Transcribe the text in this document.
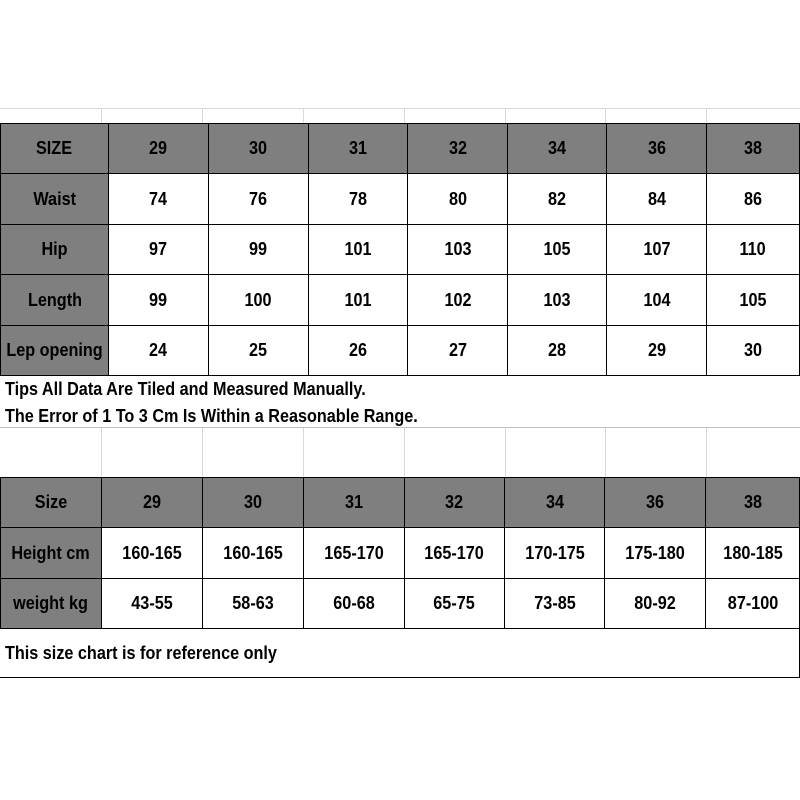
SIZE	29	30	31	32	34	36	38
Waist	74	76	78	80	82	84	86
Hip	97	99	101	103	105	107	110
Length	99	100	101	102	103	104	105
Lep opening	24	25	26	27	28	29	30
Tips All Data Are Tiled and Measured Manually.
The Error of 1 To 3 Cm Is Within a Reasonable Range.
Size	29	30	31	32	34	36	38
Height cm	160-165	160-165	165-170	165-170	170-175	175-180	180-185
weight kg	43-55	58-63	60-68	65-75	73-85	80-92	87-100
This size chart is for reference only
